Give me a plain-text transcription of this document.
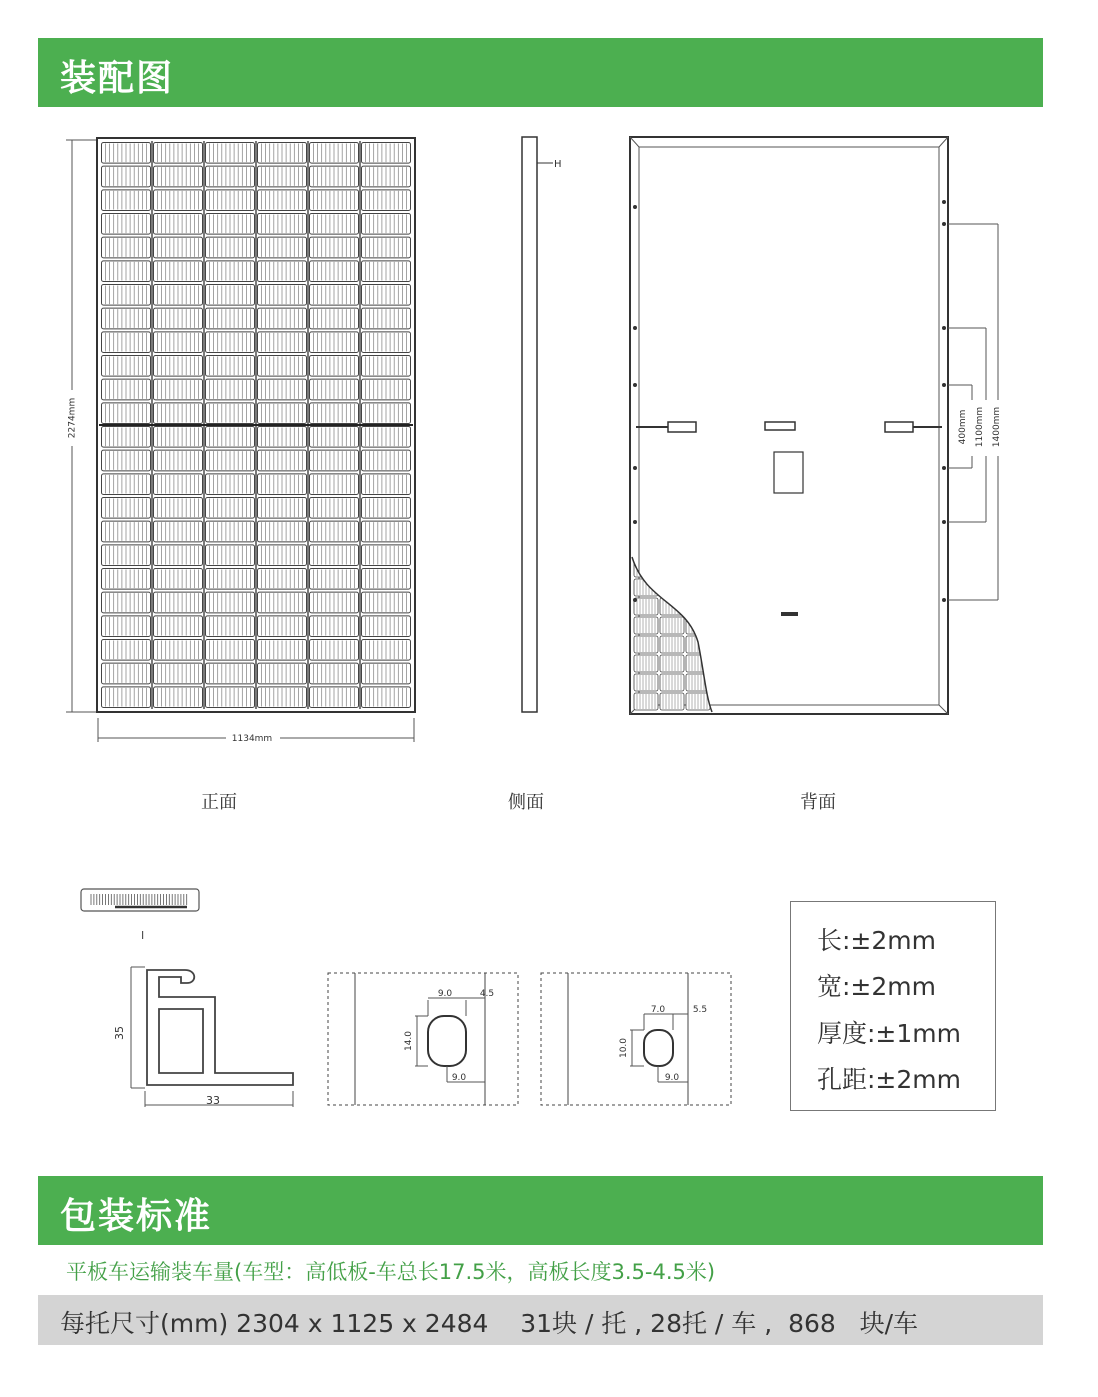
装配图
2274mm
1134mm
H
400mm 1100mm 1400mm
正面	侧面	背面
I
35
33
9.0	4.5
14.0
9.0
7.0	5.5
10.0
9.0
长:±2mm
宽:±2mm
厚度:±1mm
孔距:±2mm
包装标准
平板车运输装车量(车型：高低板-车总长17.5米，高板长度3.5-4.5米)
每托尺寸(mm) 2304 x 1125 x 2484    31块 / 托 , 28托 / 车 ,  868   块/车
